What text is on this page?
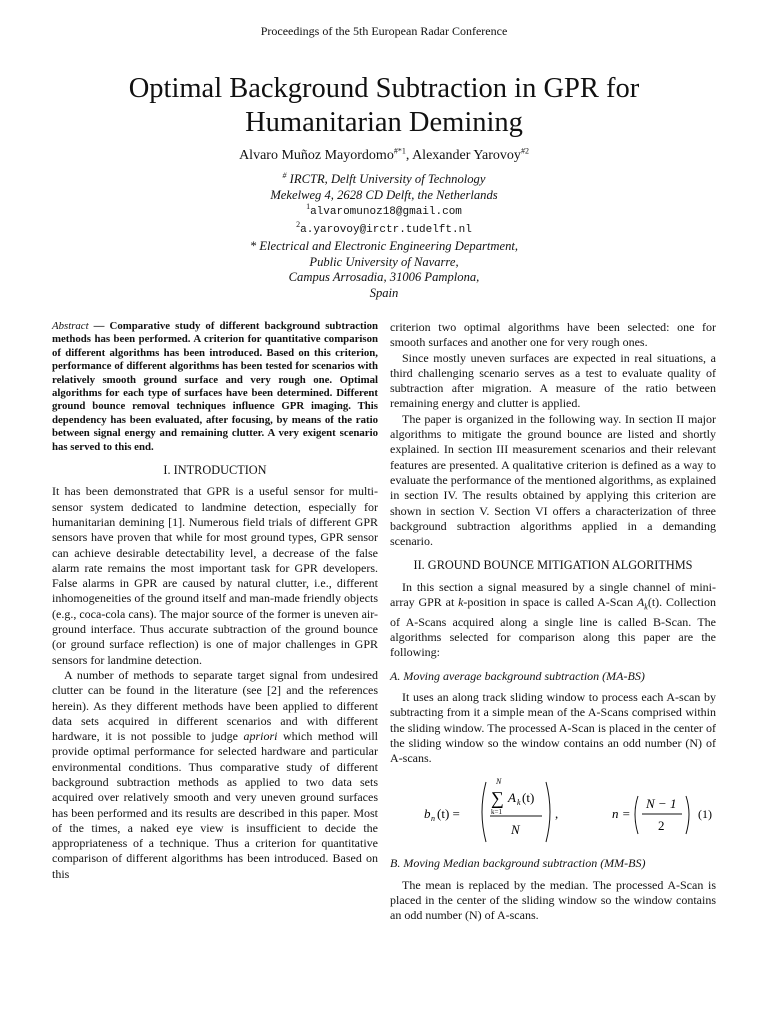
Proceedings of the 5th European Radar Conference
Optimal Background Subtraction in GPR for
Humanitarian Demining
Alvaro Muñoz Mayordomo$^{\#*1}$, Alexander Yarovoy$^{\#2}$
# IRCTR, Delft University of Technology
Mekelweg 4, 2628 CD Delft, the Netherlands
$^1$alvaromunoz18@gmail.com
$^2$a.yarovoy@irctr.tudelft.nl
* Electrical and Electronic Engineering Department,
Public University of Navarre,
Campus Arrosadia, 31006 Pamplona,
Spain

Abstract — Comparative study of different background subtraction methods has been performed. A criterion for quantitative comparison of different algorithms has been introduced. Based on this criterion, performance of different algorithms has been tested for scenarios with relatively smooth ground surface and very rough one. Optimal algorithms for each type of surfaces have been determined. Different ground bounce removal techniques influence GPR imaging. This dependency has been evaluated, after focusing, by means of the ratio between signal energy and remaining clutter. A very exigent scenario has served to this end.

I. INTRODUCTION

It has been demonstrated that GPR is a useful sensor for multi-sensor system dedicated to landmine detection, especially for humanitarian demining [1]. Numerous field trials of different GPR sensors have proven that while for most ground types, GPR sensor can achieve desirable detectability level, a decrease of the false alarm rate remains the most important task for GPR developers. False alarms in GPR are caused by natural clutter, i.e., different inhomogeneities of the ground itself and man-made friendly objects (e.g., coca-cola cans). The major source of the former is uneven air-ground interface. Thus accurate subtraction of the ground bounce (or ground surface reflection) is one of major challenges in GPR sensors for landmine detection.

A number of methods to separate target signal from undesired clutter can be found in the literature (see [2] and the references herein). As they different methods have been applied to different data sets acquired in different scenarios and with different hardware, it is not possible to judge apriori which method will provide optimal performance for selected hardware and particular environmental conditions. Thus comparative study of different background subtraction methods as applied to two data sets acquired over relatively smooth and very uneven ground surfaces has been performed and its results are described in this paper. Most of the times, a naked eye view is insufficient to decide the appropriateness of a technique. Thus a criterion for quantitative comparison of different algorithms has been introduced. Based on this

criterion two optimal algorithms have been selected: one for smooth surfaces and another one for very rough ones.

Since mostly uneven surfaces are expected in real situations, a third challenging scenario serves as a test to evaluate quality of subtraction after migration. A measure of the ratio between remaining energy and clutter is applied.

The paper is organized in the following way. In section II major algorithms to mitigate the ground bounce are listed and shortly explained. In section III measurement scenarios and their relevant features are presented. A qualitative criterion is defined as a way to evaluate the performance of the mentioned algorithms, as explained in section IV. The results obtained by applying this criterion are shown in section V. Section VI offers a characterization of three background subtraction algorithms applied in a demanding scenario.

II. GROUND BOUNCE MITIGATION ALGORITHMS

In this section a signal measured by a single channel of mini-array GPR at k-position in space is called A-Scan $A_k(t)$. Collection of A-Scans acquired along a single line is called B-Scan. The algorithms selected for comparison along this paper are the following:

A. Moving average background subtraction (MA-BS)

It uses an along track sliding window to process each A-scan by subtracting from it a simple mean of the A-Scans comprised within the sliding window. The processed A-Scan is placed in the center of the sliding window so the window contains an odd number (N) of A-scans.

b n (t) =
N
∑
k=1
A k (t)
N
,	n =
N − 1
2
(1)
B. Moving Median background subtraction (MM-BS)

The mean is replaced by the median. The processed A-Scan is placed in the center of the sliding window so the window contains an odd number (N) of A-scans.
